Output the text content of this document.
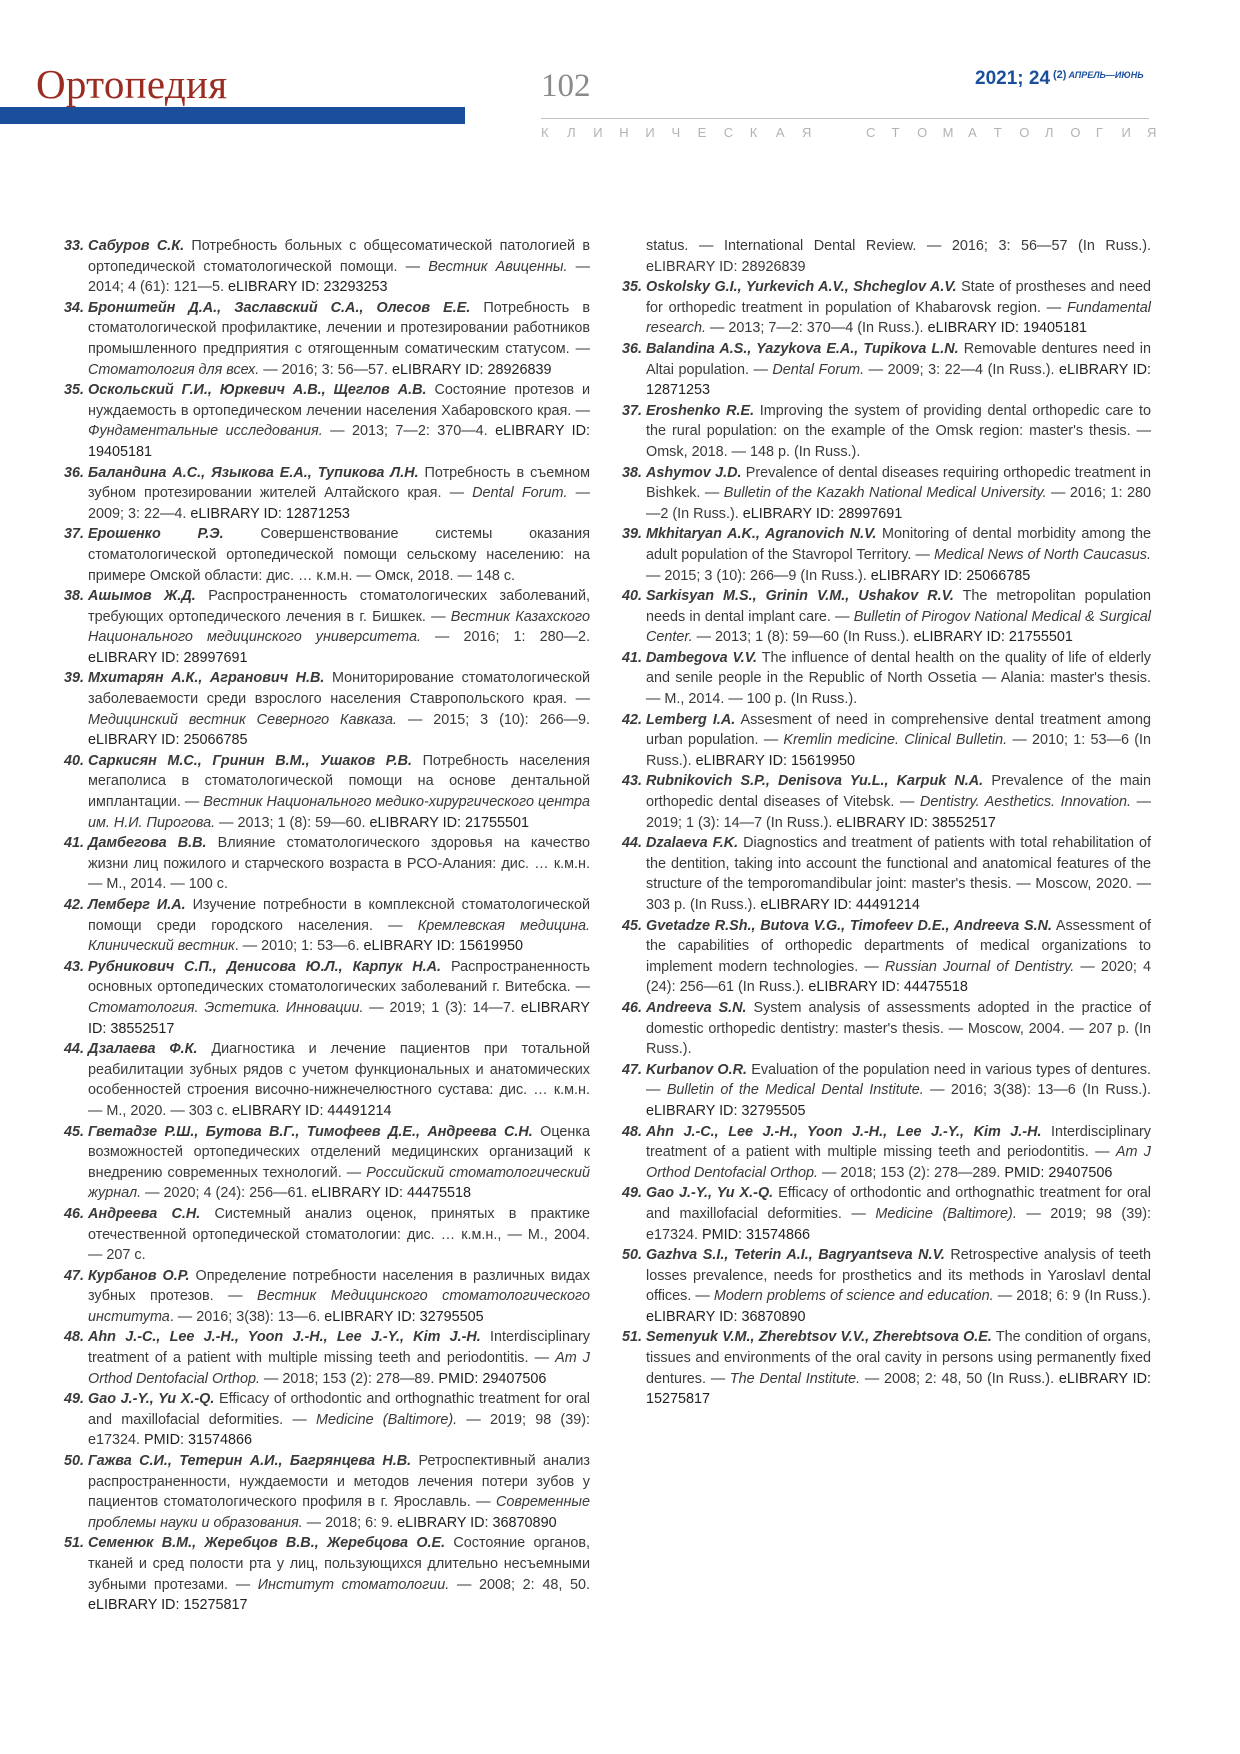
Ортопедия	102	2021; 24 $^{(2)}$ $^{АПРЕЛЬ—ИЮНЬ}$
К Л И Н И Ч Е С К А Я	С Т О М А Т О Л О Г И Я

33. Сабуров С.К. Потребность больных с общесоматической патологией в ортопедической стоматологической помощи. — Вестник Авиценны. — 2014; 4 (61): 121—5. eLIBRARY ID: 23293253

34. Бронштейн Д.А., Заславский С.А., Олесов Е.Е. Потребность в стоматологической профилактике, лечении и протезировании работников промышленного предприятия с отягощенным соматическим статусом. — Стоматология для всех. — 2016; 3: 56—57. eLIBRARY ID: 28926839

35. Оскольский Г.И., Юркевич А.В., Щеглов А.В. Состояние протезов и нуждаемость в ортопедическом лечении населения Хабаровского края. — Фундаментальные исследования. — 2013; 7—2: 370—4. eLIBRARY ID: 19405181

36. Баландина А.С., Языкова Е.А., Тупикова Л.Н. Потребность в съемном зубном протезировании жителей Алтайского края. — Dental Forum. — 2009; 3: 22—4. eLIBRARY ID: 12871253

37. Ерошенко Р.Э. Совершенствование системы оказания стоматологической ортопедической помощи сельскому населению: на примере Омской области: дис. … к.м.н. — Омск, 2018. — 148 с.

38. Ашымов Ж.Д. Распространенность стоматологических заболеваний, требующих ортопедического лечения в г. Бишкек. — Вестник Казахского Национального медицинского университета. — 2016; 1: 280—2. eLIBRARY ID: 28997691

39. Мхитарян А.К., Агранович Н.В. Мониторирование стоматологической заболеваемости среди взрослого населения Ставропольского края. — Медицинский вестник Северного Кавказа. — 2015; 3 (10): 266—9. eLIBRARY ID: 25066785

40. Саркисян М.С., Гринин В.М., Ушаков Р.В. Потребность населения мегаполиса в стоматологической помощи на основе дентальной имплантации. — Вестник Национального медико-хирургического центра им. Н.И. Пирогова. — 2013; 1 (8): 59—60. eLIBRARY ID: 21755501

41. Дамбегова В.В. Влияние стоматологического здоровья на качество жизни лиц пожилого и старческого возраста в РСО-Алания: дис. … к.м.н. — М., 2014. — 100 с.

42. Лемберг И.А. Изучение потребности в комплексной стоматологической помощи среди городского населения. — Кремлевская медицина. Клинический вестник. — 2010; 1: 53—6. eLIBRARY ID: 15619950

43. Рубникович С.П., Денисова Ю.Л., Карпук Н.А. Распространенность основных ортопедических стоматологических заболеваний г. Витебска. — Стоматология. Эстетика. Инновации. — 2019; 1 (3): 14—7. eLIBRARY ID: 38552517

44. Дзалаева Ф.К. Диагностика и лечение пациентов при тотальной реабилитации зубных рядов с учетом функциональных и анатомических особенностей строения височно-нижнечелюстного сустава: дис. … к.м.н. — М., 2020. — 303 с. eLIBRARY ID: 44491214

45. Гветадзе Р.Ш., Бутова В.Г., Тимофеев Д.Е., Андреева С.Н. Оценка возможностей ортопедических отделений медицинских организаций к внедрению современных технологий. — Российский стоматологический журнал. — 2020; 4 (24): 256—61. eLIBRARY ID: 44475518

46. Андреева С.Н. Системный анализ оценок, принятых в практике отечественной ортопедической стоматологии: дис. … к.м.н., — М., 2004. — 207 с.

47. Курбанов О.Р. Определение потребности населения в различных видах зубных протезов. — Вестник Медицинского стоматологического института. — 2016; 3(38): 13—6. eLIBRARY ID: 32795505

48. Ahn J.-C., Lee J.-H., Yoon J.-H., Lee J.-Y., Kim J.-H. Interdisciplinary treatment of a patient with multiple missing teeth and periodontitis. — Am J Orthod Dentofacial Orthop. — 2018; 153 (2): 278—89. PMID: 29407506

49. Gao J.-Y., Yu X.-Q. Efficacy of orthodontic and orthognathic treatment for oral and maxillofacial deformities. — Medicine (Baltimore). — 2019; 98 (39): e17324. PMID: 31574866

50. Гажва С.И., Тетерин А.И., Багрянцева Н.В. Ретроспективный анализ распространенности, нуждаемости и методов лечения потери зубов у пациентов стоматологического профиля в г. Ярославль. — Современные проблемы науки и образования. — 2018; 6: 9. eLIBRARY ID: 36870890

51. Семенюк В.М., Жеребцов В.В., Жеребцова О.Е. Состояние органов, тканей и сред полости рта у лиц, пользующихся длительно несъемными зубными протезами. — Институт стоматологии. — 2008; 2: 48, 50. eLIBRARY ID: 15275817

status. — International Dental Review. — 2016; 3: 56—57 (In Russ.). eLIBRARY ID: 28926839

35. Oskolsky G.I., Yurkevich A.V., Shcheglov A.V. State of prostheses and need for orthopedic treatment in population of Khabarovsk region. — Fundamental research. — 2013; 7—2: 370—4 (In Russ.). eLIBRARY ID: 19405181

36. Balandina A.S., Yazykova E.A., Tupikova L.N. Removable dentures need in Altai population. — Dental Forum. — 2009; 3: 22—4 (In Russ.). eLIBRARY ID: 12871253

37. Eroshenko R.E. Improving the system of providing dental orthopedic care to the rural population: on the example of the Omsk region: master's thesis. — Omsk, 2018. — 148 p. (In Russ.).

38. Ashymov J.D. Prevalence of dental diseases requiring orthopedic treatment in Bishkek. — Bulletin of the Kazakh National Medical University. — 2016; 1: 280—2 (In Russ.). eLIBRARY ID: 28997691

39. Mkhitaryan A.K., Agranovich N.V. Monitoring of dental morbidity among the adult population of the Stavropol Territory. — Medical News of North Caucasus. — 2015; 3 (10): 266—9 (In Russ.). eLIBRARY ID: 25066785

40. Sarkisyan M.S., Grinin V.M., Ushakov R.V. The metropolitan population needs in dental implant care. — Bulletin of Pirogov National Medical & Surgical Center. — 2013; 1 (8): 59—60 (In Russ.). eLIBRARY ID: 21755501

41. Dambegova V.V. The influence of dental health on the quality of life of elderly and senile people in the Republic of North Ossetia — Alania: master's thesis. — M., 2014. — 100 p. (In Russ.).

42. Lemberg I.A. Assesment of need in comprehensive dental treatment among urban population. — Kremlin medicine. Clinical Bulletin. — 2010; 1: 53—6 (In Russ.). eLIBRARY ID: 15619950

43. Rubnikovich S.P., Denisova Yu.L., Karpuk N.A. Prevalence of the main orthopedic dental diseases of Vitebsk. — Dentistry. Aesthetics. Innovation. — 2019; 1 (3): 14—7 (In Russ.). eLIBRARY ID: 38552517

44. Dzalaeva F.K. Diagnostics and treatment of patients with total rehabilitation of the dentition, taking into account the functional and anatomical features of the structure of the temporomandibular joint: master's thesis. — Moscow, 2020. — 303 p. (In Russ.). eLIBRARY ID: 44491214

45. Gvetadze R.Sh., Butova V.G., Timofeev D.E., Andreeva S.N. Assessment of the capabilities of orthopedic departments of medical organizations to implement modern technologies. — Russian Journal of Dentistry. — 2020; 4 (24): 256—61 (In Russ.). eLIBRARY ID: 44475518

46. Andreeva S.N. System analysis of assessments adopted in the practice of domestic orthopedic dentistry: master's thesis. — Moscow, 2004. — 207 p. (In Russ.).

47. Kurbanov O.R. Evaluation of the population need in various types of dentures. — Bulletin of the Medical Dental Institute. — 2016; 3(38): 13—6 (In Russ.). eLIBRARY ID: 32795505

48. Ahn J.-C., Lee J.-H., Yoon J.-H., Lee J.-Y., Kim J.-H. Interdisciplinary treatment of a patient with multiple missing teeth and periodontitis. — Am J Orthod Dentofacial Orthop. — 2018; 153 (2): 278—289. PMID: 29407506

49. Gao J.-Y., Yu X.-Q. Efficacy of orthodontic and orthognathic treatment for oral and maxillofacial deformities. — Medicine (Baltimore). — 2019; 98 (39): e17324. PMID: 31574866

50. Gazhva S.I., Teterin A.I., Bagryantseva N.V. Retrospective analysis of teeth losses prevalence, needs for prosthetics and its methods in Yaroslavl dental offices. — Modern problems of science and education. — 2018; 6: 9 (In Russ.). eLIBRARY ID: 36870890

51. Semenyuk V.M., Zherebtsov V.V., Zherebtsova O.E. The condition of organs, tissues and environments of the oral cavity in persons using permanently fixed dentures. — The Dental Institute. — 2008; 2: 48, 50 (In Russ.). eLIBRARY ID: 15275817
